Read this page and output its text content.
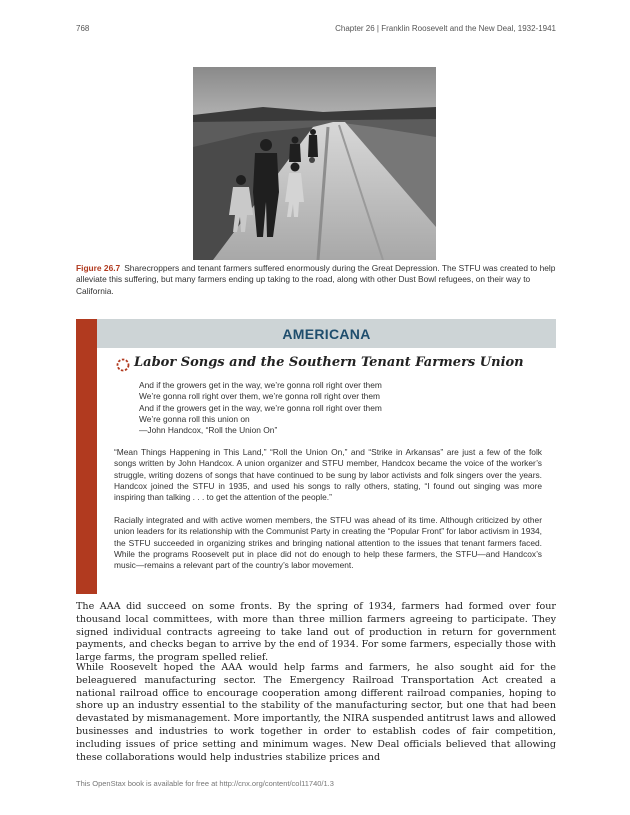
768	Chapter 26 | Franklin Roosevelt and the New Deal, 1932-1941
Figure 26.7 Sharecroppers and tenant farmers suffered enormously during the Great Depression. The STFU was created to help alleviate this suffering, but many farmers ending up taking to the road, along with other Dust Bowl refugees, on their way to California.
AMERICANA
Labor Songs and the Southern Tenant Farmers Union
And if the growers get in the way, we’re gonna roll right over them
We’re gonna roll right over them, we’re gonna roll right over them
And if the growers get in the way, we’re gonna roll right over them
We’re gonna roll this union on
—John Handcox, “Roll the Union On”
“Mean Things Happening in This Land,” “Roll the Union On,” and “Strike in Arkansas” are just a few of the folk songs written by John Handcox. A union organizer and STFU member, Handcox became the voice of the worker’s struggle, writing dozens of songs that have continued to be sung by labor activists and folk singers over the years. Handcox joined the STFU in 1935, and used his songs to rally others, stating, “I found out singing was more inspiring than talking . . . to get the attention of the people.”
Racially integrated and with active women members, the STFU was ahead of its time. Although criticized by other union leaders for its relationship with the Communist Party in creating the “Popular Front” for labor activism in 1934, the STFU succeeded in organizing strikes and bringing national attention to the issues that tenant farmers faced. While the programs Roosevelt put in place did not do enough to help these farmers, the STFU—and Handcox’s music—remains a relevant part of the country’s labor movement.
The AAA did succeed on some fronts. By the spring of 1934, farmers had formed over four thousand local committees, with more than three million farmers agreeing to participate. They signed individual contracts agreeing to take land out of production in return for government payments, and checks began to arrive by the end of 1934. For some farmers, especially those with large farms, the program spelled relief.
While Roosevelt hoped the AAA would help farms and farmers, he also sought aid for the beleaguered manufacturing sector. The Emergency Railroad Transportation Act created a national railroad office to encourage cooperation among different railroad companies, hoping to shore up an industry essential to the stability of the manufacturing sector, but one that had been devastated by mismanagement. More importantly, the NIRA suspended antitrust laws and allowed businesses and industries to work together in order to establish codes of fair competition, including issues of price setting and minimum wages. New Deal officials believed that allowing these collaborations would help industries stabilize prices and
This OpenStax book is available for free at http://cnx.org/content/col11740/1.3
